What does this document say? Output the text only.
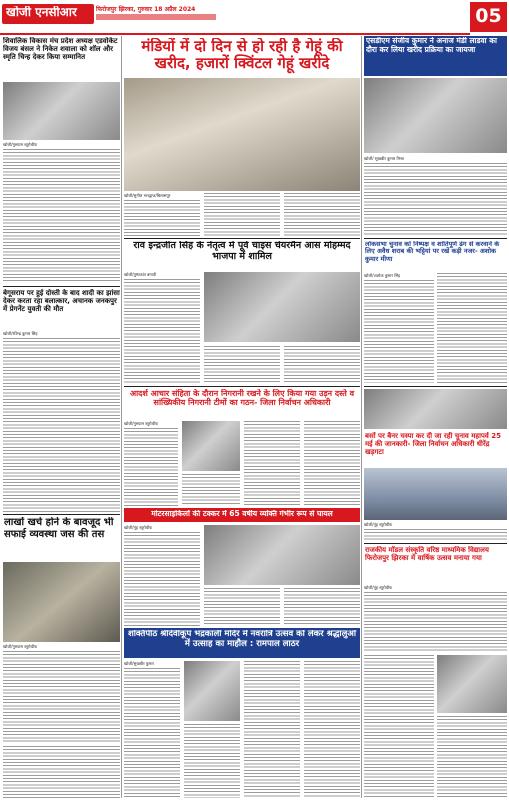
खोजी एनसीआर	फिरोजपुर झिरका, गुरुवार 18 अप्रैल 2024	05
शिवालिक विकास मंच प्रदेश अध्यक्ष एडवोकेट विजय बंसल ने निकेत शवाला को शॉल और स्मृति चिन्ह देकर किया सम्मानित
खोजी/गुरुग्राम ब्यूरोचीफ
मंडियों में दो दिन से हो रही है गेहूं की खरीद, हजारों क्विंटल गेहूं खरीदे
खोजी/सुनील भारद्वाज/बिलासपुर
एसडीएम संजीव कुमार ने अनाज मंडी लाडवा का दौरा कर लिया खरीद प्रक्रिया का जायजा
खोजी/ सुखबीर कुमार मिश्रा
राव इन्द्रजीत सिंह के नेतृत्व में पूर्व चाइस चेयरमैन आस मोहम्मद भाजपा में शामिल
खोजी/पुष्पकांत बगावी
लोकसभा चुनाव को निष्पक्ष व शांतिपूर्ण ढंग से करवाने के लिए अवैध शराब की भट्टियां पर रखें कड़ी नजर- अशोक कुमार मीणा
खोजी/अशोक कुमार सिंह
बेगूसराय पर हुई दोस्ती के बाद शादी का झांसा देकर करता रहा बलात्कार, अचानक जनकपुर में प्रेगनेंट युवती की मौत
खोजी/रविन्द्र कुमार सिंह
आदर्श आचार संहिता के दौरान निगरानी रखने के लिए किया गया उड़न दस्ते व सांख्यिकीय निगरानी टीमों का गठन- जिला निर्वाचन अधिकारी
खोजी/गुरुग्राम ब्यूरोचीफ
बसों पर बैनर चस्पा कर दी जा रही चुनाव महापर्व 25 मई की जानकारी- जिला निर्वाचन अधिकारी धीरेंद्र खड़गटा
खोजी/नूंह ब्यूरोचीफ
लाखों खर्च होने के बावजूद भी सफाई व्यवस्था जस की तस
खोजी/गुरुग्राम ब्यूरोचीफ
मोटरसाइकिलों की टक्कर में 65 वर्षीय व्यक्ति गंभीर रूप से घायल
खोजी/नूंह ब्यूरोचीफ
शक्तिपीठ श्रीदेवीकूप भद्रकाली मंदिर में नवरात्रि उत्सव को लेकर श्रद्धालुओं में उत्साह का माहौल : रामपाल लाठर
खोजी/सुखबीर कुमार
राजकीय मॉडल संस्कृति वरिष्ठ माध्यमिक विद्यालय फिरोजपुर झिरका में वार्षिक उत्सव मनाया गया
खोजी/नूंह ब्यूरोचीफ
